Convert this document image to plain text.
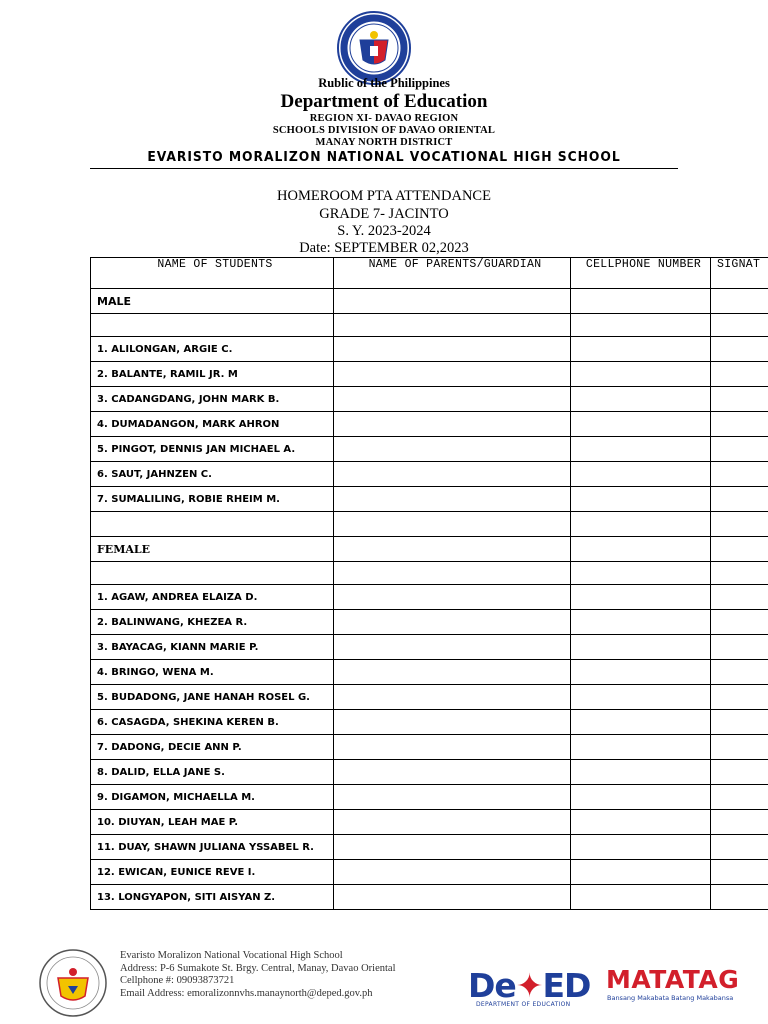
Rublic of the Philippines
Department of Education
REGION XI- DAVAO REGION
SCHOOLS DIVISION OF DAVAO ORIENTAL
MANAY NORTH DISTRICT
EVARISTO MORALIZON NATIONAL VOCATIONAL HIGH SCHOOL
HOMEROOM PTA ATTENDANCE
GRADE 7- JACINTO
S. Y. 2023-2024
Date: SEPTEMBER 02,2023
NAME OF STUDENTS	NAME OF PARENTS/GUARDIAN	CELLPHONE NUMBER	SIGNAT
MALE			

1. ALILONGAN, ARGIE C.			
2. BALANTE, RAMIL JR. M			
3. CADANGDANG, JOHN MARK B.			
4. DUMADANGON, MARK AHRON			
5. PINGOT, DENNIS JAN MICHAEL A.			
6. SAUT, JAHNZEN C.			
7. SUMALILING, ROBIE RHEIM M.			

FEMALE			

1. AGAW, ANDREA ELAIZA D.			
2. BALINWANG, KHEZEA R.			
3. BAYACAG, KIANN MARIE P.			
4. BRINGO, WENA M.			
5. BUDADONG, JANE HANAH ROSEL G.			
6. CASAGDA, SHEKINA KEREN B.			
7. DADONG, DECIE ANN P.			
8. DALID, ELLA JANE S.			
9. DIGAMON, MICHAELLA M.			
10. DIUYAN, LEAH MAE P.			
11. DUAY, SHAWN JULIANA YSSABEL R.			
12. EWICAN, EUNICE REVE I.			
13. LONGYAPON, SITI AISYAN Z.			
Evaristo Moralizon National Vocational High School
Address: P-6 Sumakote St. Brgy. Central, Manay, Davao Oriental
Cellphone #: 09093873721
Email Address: emoralizonnvhs.manaynorth@deped.gov.ph	De✦ED
DEPARTMENT OF EDUCATION
MATATAG
Bansang Makabata Batang Makabansa
